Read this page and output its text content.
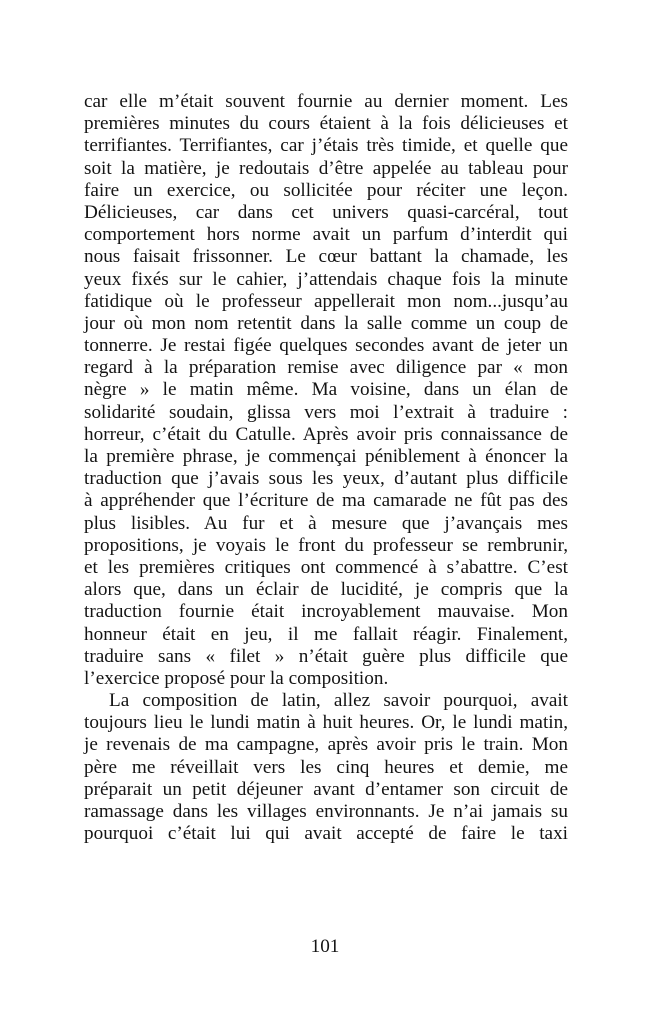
car elle m’était souvent fournie au dernier moment. Les
premières minutes du cours étaient à la fois délicieuses et
terrifiantes. Terrifiantes, car j’étais très timide, et quelle que
soit la matière, je redoutais d’être appelée au tableau pour
faire un exercice, ou sollicitée pour réciter une leçon.
Délicieuses, car dans cet univers quasi-carcéral, tout
comportement hors norme avait un parfum d’interdit qui
nous faisait frissonner. Le cœur battant la chamade, les
yeux fixés sur le cahier, j’attendais chaque fois la minute
fatidique où le professeur appellerait mon nom...jusqu’au
jour où mon nom retentit dans la salle comme un coup de
tonnerre. Je restai figée quelques secondes avant de jeter un
regard à la préparation remise avec diligence par « mon
nègre » le matin même. Ma voisine, dans un élan de
solidarité soudain, glissa vers moi l’extrait à traduire :
horreur, c’était du Catulle. Après avoir pris connaissance de
la première phrase, je commençai péniblement à énoncer la
traduction que j’avais sous les yeux, d’autant plus difficile
à appréhender que l’écriture de ma camarade ne fût pas des
plus lisibles. Au fur et à mesure que j’avançais mes
propositions, je voyais le front du professeur se rembrunir,
et les premières critiques ont commencé à s’abattre. C’est
alors que, dans un éclair de lucidité, je compris que la
traduction fournie était incroyablement mauvaise. Mon
honneur était en jeu, il me fallait réagir. Finalement,
traduire sans « filet » n’était guère plus difficile que
l’exercice proposé pour la composition.
La composition de latin, allez savoir pourquoi, avait
toujours lieu le lundi matin à huit heures. Or, le lundi matin,
je revenais de ma campagne, après avoir pris le train. Mon
père me réveillait vers les cinq heures et demie, me
préparait un petit déjeuner avant d’entamer son circuit de
ramassage dans les villages environnants. Je n’ai jamais su
pourquoi c’était lui qui avait accepté de faire le taxi
101
